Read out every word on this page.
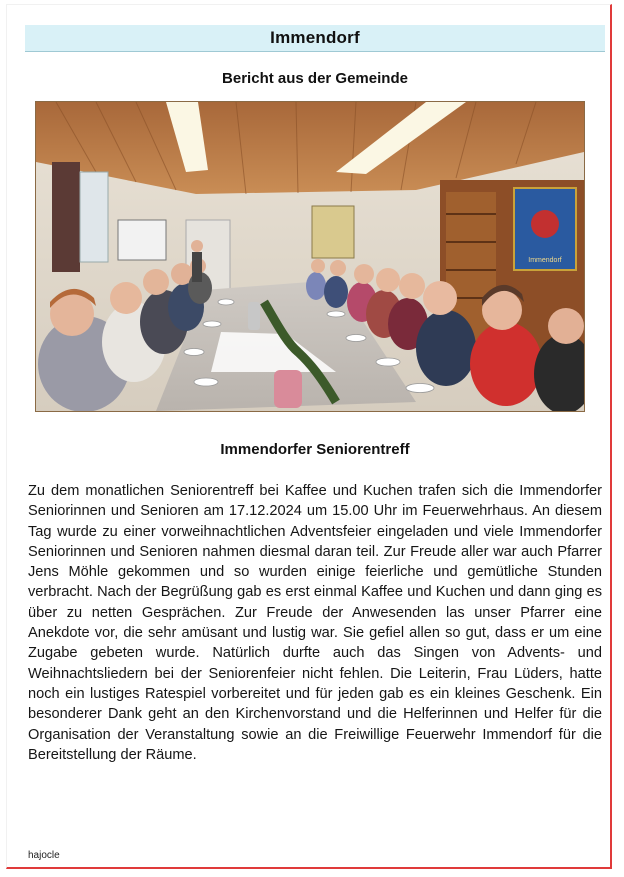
Immendorf
Bericht aus der Gemeinde
Immendorf
Immendorfer Seniorentreff

Zu dem monatlichen Seniorentreff bei Kaffee und Kuchen trafen sich die Immendorfer Seniorinnen und Senioren am 17.12.2024 um 15.00 Uhr im Feuerwehrhaus. An diesem Tag wurde zu einer vorweihnachtlichen Adventsfeier eingeladen und viele Immendorfer Seniorinnen und Senioren nahmen diesmal daran teil. Zur Freude aller war auch Pfarrer Jens Möhle gekommen und so wurden einige feierliche und gemütliche Stunden verbracht. Nach der Begrüßung gab es erst einmal Kaffee und Kuchen und dann ging es über zu netten Gesprächen. Zur Freude der Anwesenden las unser Pfarrer eine Anekdote vor, die sehr amüsant und lustig war. Sie gefiel allen so gut, dass er um eine Zugabe gebeten wurde. Natürlich durfte auch das Singen von Advents- und Weihnachtsliedern bei der Seniorenfeier nicht fehlen. Die Leiterin, Frau Lüders, hatte noch ein lustiges Ratespiel vorbereitet und für jeden gab es ein kleines Geschenk. Ein besonderer Dank geht an den Kirchenvorstand und die Helferinnen und Helfer für die Organisation der Veranstaltung sowie an die Freiwillige Feuerwehr Immendorf für die Bereitstellung der Räume.

hajocle
